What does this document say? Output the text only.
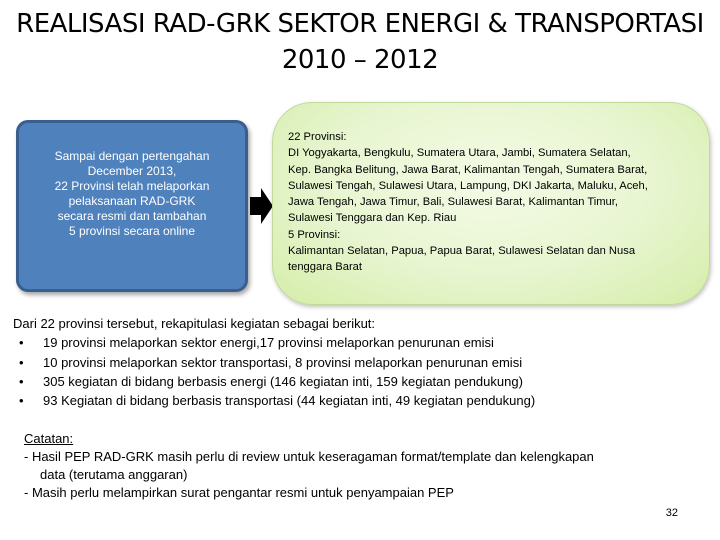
REALISASI RAD-GRK SEKTOR ENERGI & TRANSPORTASI
2010 – 2012
Sampai dengan pertengahan
December 2013,
22 Provinsi telah melaporkan
pelaksanaan RAD-GRK
secara resmi dan tambahan
5 provinsi secara online
22 Provinsi:
DI Yogyakarta, Bengkulu, Sumatera Utara, Jambi, Sumatera Selatan,
Kep. Bangka Belitung, Jawa Barat, Kalimantan Tengah, Sumatera Barat,
Sulawesi Tengah, Sulawesi Utara, Lampung, DKI Jakarta, Maluku, Aceh,
Jawa Tengah, Jawa Timur, Bali, Sulawesi Barat, Kalimantan Timur,
Sulawesi Tenggara dan Kep. Riau
5 Provinsi:
Kalimantan Selatan, Papua, Papua Barat, Sulawesi Selatan dan Nusa
tenggara Barat
Dari 22 provinsi tersebut, rekapitulasi kegiatan sebagai berikut:
• 19 provinsi melaporkan sektor energi,17 provinsi melaporkan penurunan emisi
• 10 provinsi melaporkan sektor transportasi, 8 provinsi melaporkan penurunan emisi
• 305 kegiatan di bidang berbasis energi (146 kegiatan inti, 159 kegiatan pendukung)
• 93 Kegiatan di bidang berbasis transportasi (44 kegiatan inti, 49 kegiatan pendukung)
Catatan:
- Hasil PEP RAD-GRK masih perlu di review untuk keseragaman format/template dan kelengkapan
data (terutama anggaran)
- Masih perlu melampirkan surat pengantar resmi untuk penyampaian PEP
32
